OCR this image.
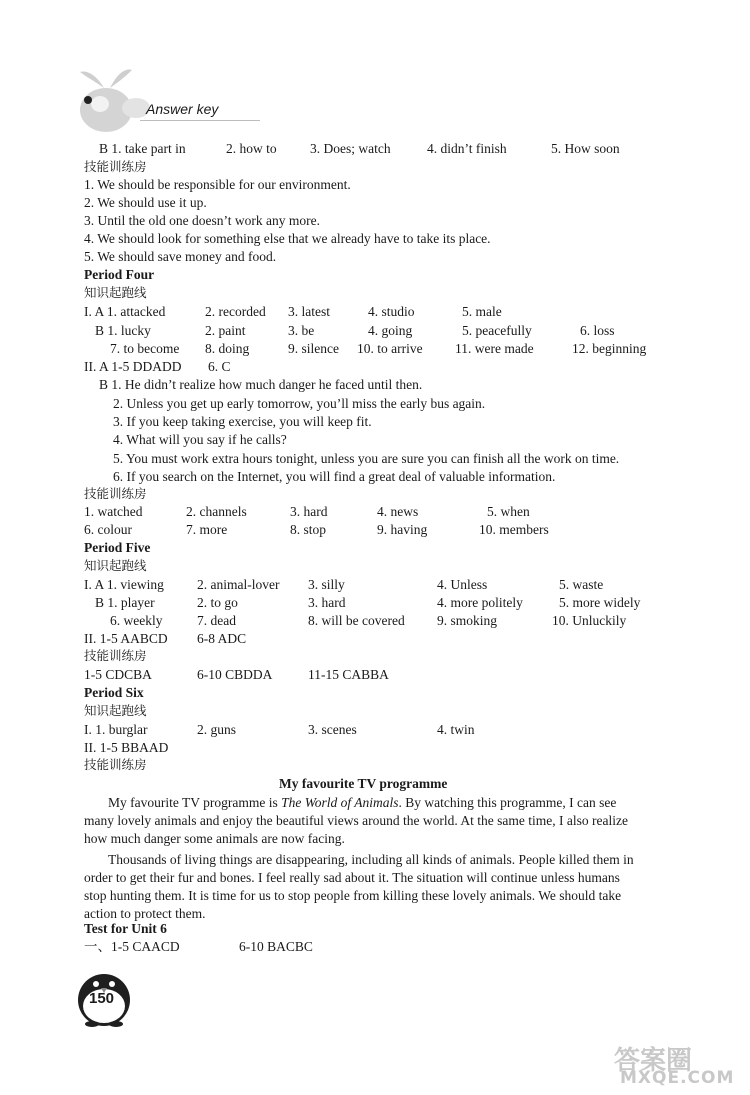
Answer key
B 1. take part in	2. how to 3. Does; watch	4. didn’t finish	5. How soon
技能训练房
1. We should be responsible for our environment.
2. We should use it up.
3. Until the old one doesn’t work any more.
4. We should look for something else that we already have to take its place.
5. We should save money and food.
Period Four
知识起跑线
I. A 1. attacked	2. recorded 3. latest	4. studio	5. male
B 1. lucky	2. paint	3. be	4. going	5. peacefully	6. loss
7. to become 8. doing	9. silence 10. to arrive 11. were made	12. beginning
II. A 1-5 DDADD 6. C
B 1. He didn’t realize how much danger he faced until then.
2. Unless you get up early tomorrow, you’ll miss the early bus again.
3. If you keep taking exercise, you will keep fit.
4. What will you say if he calls?
5. You must work extra hours tonight, unless you are sure you can finish all the work on time.
6. If you search on the Internet, you will find a great deal of valuable information.
技能训练房
1. watched	2. channels	3. hard	4. news	5. when
6. colour	7. more	8. stop	9. having	10. members
Period Five
知识起跑线
I. A 1. viewing 2. animal-lover 3. silly	4. Unless	5. waste
B 1. player	2. to go	3. hard	4. more politely	5. more widely
6. weekly	7. dead	8. will be covered 9. smoking	10. Unluckily
II. 1-5 AABCD 6-8 ADC
技能训练房
1-5 CDCBA	6-10 CBDDA	11-15 CABBA
Period Six
知识起跑线
I. 1. burglar	2. guns	3. scenes	4. twin
II. 1-5 BBAAD
技能训练房
My favourite TV programme

My favourite TV programme is The World of Animals. By watching this programme, I can see many lovely animals and enjoy the beautiful views around the world. At the same time, I also realize how much danger some animals are now facing.

Thousands of living things are disappearing, including all kinds of animals. People killed them in order to get their fur and bones. I feel really sad about it. The situation will continue unless humans stop hunting them. It is time for us to stop people from killing these lovely animals. We should take action to protect them.

Test for Unit 6
一、1-5 CAACD	6-10 BACBC
150
答案圈
MXQE.COM
